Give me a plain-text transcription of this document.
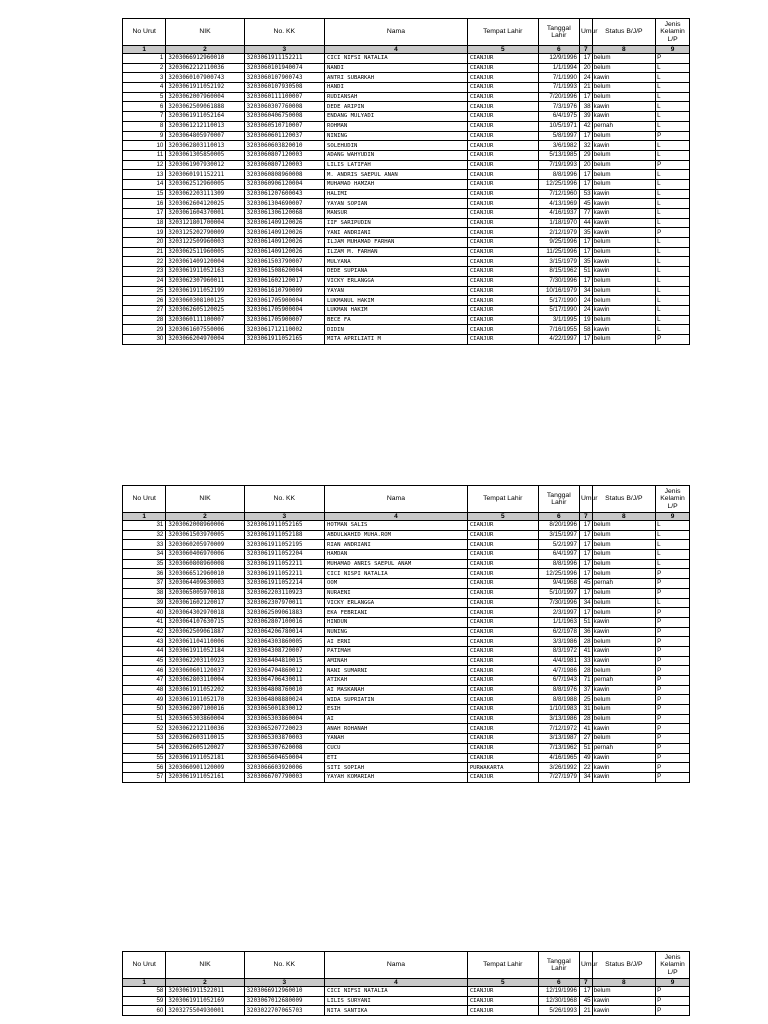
No Urut	NIK	No. KK	Nama	Tempat Lahir	Tanggal Lahir	Umur	Status B/J/P	Jenis Kelamin L/P
1	2	3	4	5	6	7	8	9
1	3203066912960010	3203061911152211	CICI NIFSI NATALIA	CIANJUR	12/9/1996	17	belum	P
2	3203062212110036	3203060101940074	NANDI	CIANJUR	1/1/1994	20	belum	L
3	3203060107900743	3203060107900743	ANTRI SUBARKAH	CIANJUR	7/1/1990	24	kawin	L
4	3203061911052192	3203060107930508	HANDI	CIANJUR	7/1/1993	21	belum	L
5	3203062007960004	3203060111100007	RUDIANSAH	CIANJUR	7/20/1996	17	belum	L
6	3203062509061888	3203060307760008	DEDE ARIPIN	CIANJUR	7/3/1976	38	kawin	L
7	3203061911052164	3203060406750008	ENDANG MULYADI	CIANJUR	6/4/1975	39	kawin	L
8	3203061212110013	3203060510710007	ROHMAN	CIANJUR	10/5/1971	42	pernah	L
9	3203064805970007	3203060601120037	NINING	CIANJUR	5/8/1997	17	belum	P
10	3203062803110013	3203060603820010	SOLEHUDIN	CIANJUR	3/6/1982	32	kawin	L
11	3203061305850005	3203060807120003	ADANG WAHYUDIN	CIANJUR	5/13/1985	29	belum	L
12	3203061907930012	3203060807120003	LILIS LATIFAH	CIANJUR	7/19/1993	20	belum	P
13	3203060191152211	3203060808960008	M. ANDRIS SAEPUL ANAN	CIANJUR	8/8/1996	17	belum	L
14	3203062512960005	3203060906120004	MUHAMAD HAMZAH	CIANJUR	12/25/1996	17	belum	L
15	3203062203111309	3203061207600043	HALIMI	CIANJUR	7/12/1960	53	kawin	L
16	3203062604120025	3203061304690007	YAYAN SOPIAN	CIANJUR	4/13/1969	45	kawin	L
17	3203061604370001	3203061306120068	MANSUR	CIANJUR	4/16/1937	77	kawin	L
18	3203121801700004	3203061409120026	IIF SARIPUDIN	CIANJUR	1/18/1970	44	kawin	L
19	3203125202790009	3203061409120026	YANI ANDRIANI	CIANJUR	2/12/1979	35	kawin	P
20	3203122509960003	3203061409120026	ILJAM MUHAMAD FARHAN	CIANJUR	9/25/1996	17	belum	L
21	3203062511960005	3203061409120026	ILZAM M. FARHAN	CIANJUR	11/25/1996	17	belum	L
22	3203061409120004	3203061503790007	MULYANA	CIANJUR	3/15/1979	35	kawin	L
23	3203061911052163	3203061508620004	DEDE SUPIANA	CIANJUR	8/15/1962	51	kawin	L
24	3203062307960011	3203061602120017	VICKY ERLANGGA	CIANJUR	7/30/1996	17	belum	L
25	3203061911052199	3203061610790009	YAYAN	CIANJUR	10/16/1979	34	belum	L
26	3203060308100125	3203061705900004	LUKMANUL HAKIM	CIANJUR	5/17/1990	24	belum	L
27	3203062605120025	3203061705900004	LUKMAN HAKIM	CIANJUR	5/17/1990	24	kawin	L
28	3203060111100007	3203061705900007	BECE FA	CIANJUR	3/1/1995	19	belum	L
29	3203061607550006	3203061712110002	DIDIN	CIANJUR	7/16/1955	58	kawin	L
30	3203066204970004	3203061911052165	MITA APRILIATI M	CIANJUR	4/22/1997	17	belum	P
No Urut	NIK	No. KK	Nama	Tempat Lahir	Tanggal Lahir	Umur	Status B/J/P	Jenis Kelamin L/P
1	2	3	4	5	6	7	8	9
31	3203062008960006	3203061911052165	HOTMAN SALIS	CIANJUR	8/20/1996	17	belum	L
32	3203061503970005	3203061911052188	ABDULWAHID MUHA.ROM	CIANJUR	3/15/1997	17	belum	L
33	3203060205970009	3203061911052195	RIAN ANDRIANI	CIANJUR	5/2/1997	17	belum	L
34	3203060406970006	3203061911052204	HAMDAN	CIANJUR	6/4/1997	17	belum	L
35	3203060808960008	3203061911052211	MUHAMAD ANRIS SAEPUL ANAM	CIANJUR	8/8/1996	17	belum	L
36	3203066512960010	3203061911052211	CICI NISPI NATALIA	CIANJUR	12/25/1996	17	belum	P
37	3203064409630003	3203061911052214	OOM	CIANJUR	9/4/1968	45	pernah	P
38	3203065005970018	3203062203110923	NURAENI	CIANJUR	5/10/1997	17	belum	P
39	3203061602120017	3203062307970011	VICKY ERLANGGA	CIANJUR	7/30/1996	34	belum	L
40	3203064302970018	3203062509061883	EKA FEBRIANI	CIANJUR	2/3/1997	17	belum	P
41	3203064107630715	3203062807100016	HINDUN	CIANJUR	1/1/1963	51	kawin	P
42	3203062509061887	3203064206780014	NUNING	CIANJUR	6/2/1978	36	kawin	P
43	3203061104110006	3203064303860005	AI ERNI	CIANJUR	3/3/1986	28	belum	P
44	3203061911052184	3203064308720007	PATIMAH	CIANJUR	8/3/1972	41	kawin	P
45	3203062203110923	3203064404810015	AMINAH	CIANJUR	4/4/1981	33	kawin	P
46	3203060601120037	3203064704860012	NANI SUMARNI	CIANJUR	4/7/1986	28	belum	P
47	3203062803110004	3203064706430011	ATIKAH	CIANJUR	6/7/1943	71	pernah	P
48	3203061911052202	3203064808760010	AI MASKANAH	CIANJUR	8/8/1976	37	kawin	P
49	3203061911052170	3203064808880024	WIDA SUPRIATIN	CIANJUR	8/8/1988	25	belum	P
50	3203062807100016	3203065001830012	ESIH	CIANJUR	1/10/1983	31	belum	P
51	3203065303860004	3203065303860004	AI	CIANJUR	3/13/1986	28	belum	P
52	3203062212110036	3203065207720023	ANAH ROHANAH	CIANJUR	7/12/1972	41	kawin	P
53	3203062603110015	3203065303870003	YANAH	CIANJUR	3/13/1987	27	belum	P
54	3203062605120027	3203065307620008	CUCU	CIANJUR	7/13/1962	51	pernah	P
55	3203061911052181	3203065604650004	ETI	CIANJUR	4/16/1965	49	kawin	P
56	3203060901120009	3203066603920006	SITI SOPIAH	PURWAKARTA	3/26/1992	22	kawin	P
57	3203061911052161	3203066707790003	YAYAH KOMARIAH	CIANJUR	7/27/1979	34	kawin	P
No Urut	NIK	No. KK	Nama	Tempat Lahir	Tanggal Lahir	Umur	Status B/J/P	Jenis Kelamin L/P
1	2	3	4	5	6	7	8	9
58	3203061911522011	3203066912960010	CICI NIFSI NATALIA	CIANJUR	12/19/1996	17	belum	P
59	3203061911052169	3203067012680009	LILIS SURYANI	CIANJUR	12/30/1968	45	kawin	P
60	3203275504930001	3203022707065703	NITA SANTIKA	CIANJUR	5/26/1993	21	kawin	P
